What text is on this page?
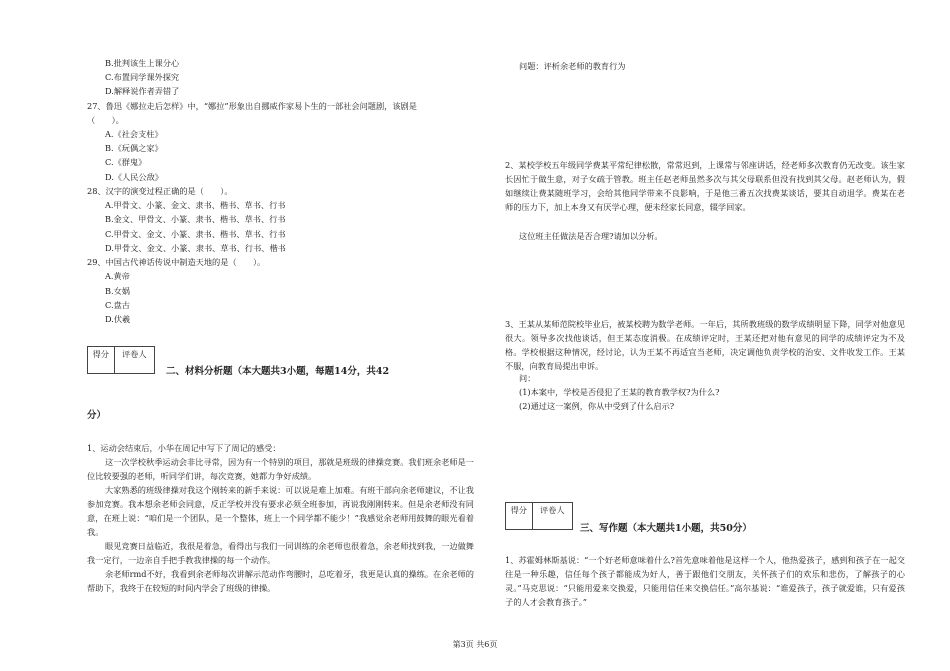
B.批判该生上课分心
C.布置同学课外探究
D.解释说作者弄错了
27、鲁迅《娜拉走后怎样》中，“娜拉”形象出自挪威作家易卜生的一部社会问题剧，该剧是
（　　）。
A.《社会支柱》
B.《玩偶之家》
C.《群鬼》
D.《人民公敌》
28、汉字的演变过程正确的是（　　）。
A.甲骨文、小篆、金文、隶书、楷书、草书、行书
B.金文、甲骨文、小篆、隶书、楷书、草书、行书
C.甲骨文、金文、小篆、隶书、楷书、草书、行书
D.甲骨文、金文、小篆、隶书、草书、行书、楷书
29、中国古代神话传说中制造天地的是（　　）。
A.黄帝
B.女娲
C.盘古
D.伏羲
得分	评卷人
二、材料分析题（本大题共3小题，每题14分，共42
分）
1、运动会结束后，小华在周记中写下了周记的感受：
这一次学校秋季运动会非比寻常，因为有一个特别的项目，那就是班级的律操竞赛。我们班余老师是一位比较要强的老师，听同学们讲，每次竞赛，她都力争好成绩。
大家熟悉的班级律操对我这个刚转来的新手来说：可以说是难上加难。有班干部向余老师建议，不让我参加竞赛。我本想余老师会同意，反正学校并没有要求必须全班参加，再说我刚刚转来。但是余老师没有同意，在班上说：“咱们是一个团队，是一个整体，班上一个同学都不能少！”我感觉余老师用鼓舞的眼光看着我。
眼见竞赛日益临近，我很是着急，看得出与我们一同训练的余老师也很着急，余老师找到我，一边做舞我一定行，一边亲自手把手教我律操的每一个动作。
余老师rmd不好，我看到余老师每次讲解示范动作弯腰时，总吃着牙，我更是认真的操练。在余老师的帮助下，我终于在较短的时间内学会了班级的律操。
问题：评析余老师的教育行为
2、某校学校五年级同学费某平常纪律松散，常常迟到，上课常与邻座讲话，经老师多次教育仍无改变。该生家长因忙于做生意，对子女疏于管教。班主任赵老师虽然多次与其父母联系但没有找到其父母。赵老师认为，假如继续让费某随班学习，会给其他同学带来不良影响，于是他三番五次找费某谈话，要其自动退学。费某在老师的压力下，加上本身又有厌学心理，便未经家长同意，辍学回家。
这位班主任做法是否合理?请加以分析。
3、王某从某师范院校毕业后，被某校聘为数学老师。一年后，其所教班级的数学成绩明显下降，同学对他意见很大。领导多次找他谈话，但王某态度消极。在成绩评定时，王某还把对他有意见的同学的成绩评定为不及格。学校根据这种情况，经讨论，认为王某不再适宜当老师，决定调他负责学校的治安、文件收发工作。王某不服，向教育局提出申诉。
问：
(1)本案中，学校是否侵犯了王某的教育教学权?为什么?
(2)通过这一案例，你从中受到了什么启示?
得分	评卷人
三、写作题（本大题共1小题，共50分）
1、苏霍姆林斯基说：“一个好老师意味着什么?首先意味着他是这样一个人，他热爱孩子，感到和孩子在一起交往是一种乐趣，信任每个孩子都能成为好人，善于跟他们交朋友，关怀孩子们的欢乐和悲伤，了解孩子的心灵。”马克思说：“只能用爱来交换爱，只能用信任来交换信任。”高尔基说：“谁爱孩子，孩子就爱谁，只有爱孩子的人才会教育孩子。”
第3页 共6页
